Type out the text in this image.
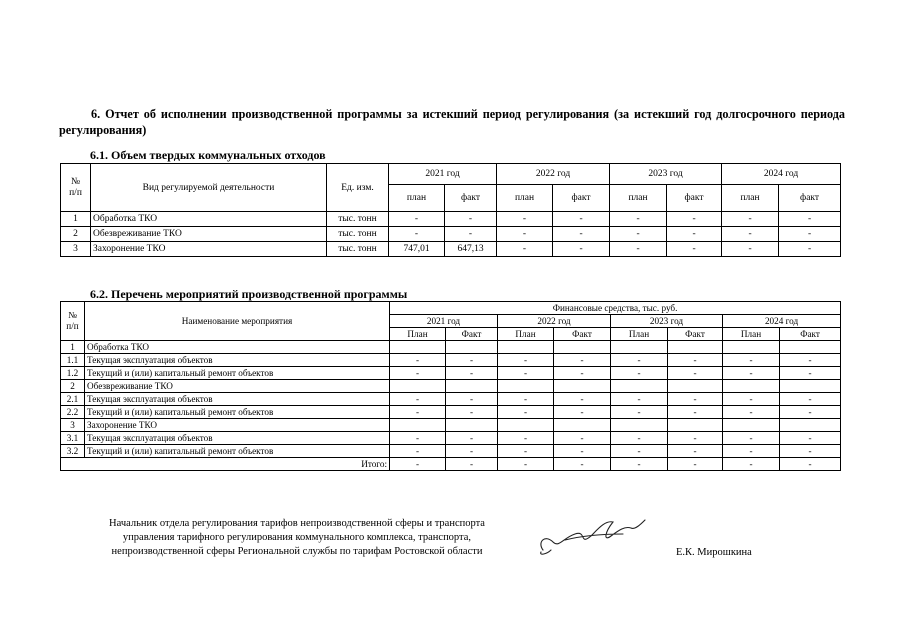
6. Отчет об исполнении производственной программы за истекший период регулирования (за истекший год долгосрочного периода регулирования)
6.1. Объем твердых коммунальных отходов
№
п/п	Вид регулируемой деятельности	Ед. изм.	2021 год		2022 год		2023 год		2024 год	
			план	факт	план	факт	план	факт	план	факт
1	Обработка ТКО	тыс. тонн	-	-	-	-	-	-	-	-
2	Обезвреживание ТКО	тыс. тонн	-	-	-	-	-	-	-	-
3	Захоронение ТКО	тыс. тонн	747,01	647,13	-	-	-	-	-	-
6.2. Перечень мероприятий производственной программы
№
п/п	Наименование мероприятия	Финансовые средства, тыс. руб.							
		2021 год		2022 год		2023 год		2024 год	
		План	Факт	План	Факт	План	Факт	План	Факт
1	Обработка ТКО								
1.1	Текущая эксплуатация объектов	-	-	-	-	-	-	-	-
1.2	Текущий и (или) капитальный ремонт объектов	-	-	-	-	-	-	-	-
2	Обезвреживание ТКО								
2.1	Текущая эксплуатация объектов	-	-	-	-	-	-	-	-
2.2	Текущий и (или) капитальный ремонт объектов	-	-	-	-	-	-	-	-
3	Захоронение ТКО								
3.1	Текущая эксплуатация объектов	-	-	-	-	-	-	-	-
3.2	Текущий и (или) капитальный ремонт объектов	-	-	-	-	-	-	-	-
Итого:		-	-	-	-	-	-	-	-
Начальник отдела регулирования тарифов непроизводственной сферы и транспорта управления тарифного регулирования коммунального комплекса, транспорта, непроизводственной сферы Региональной службы по тарифам Ростовской области	Е.К. Мирошкина
